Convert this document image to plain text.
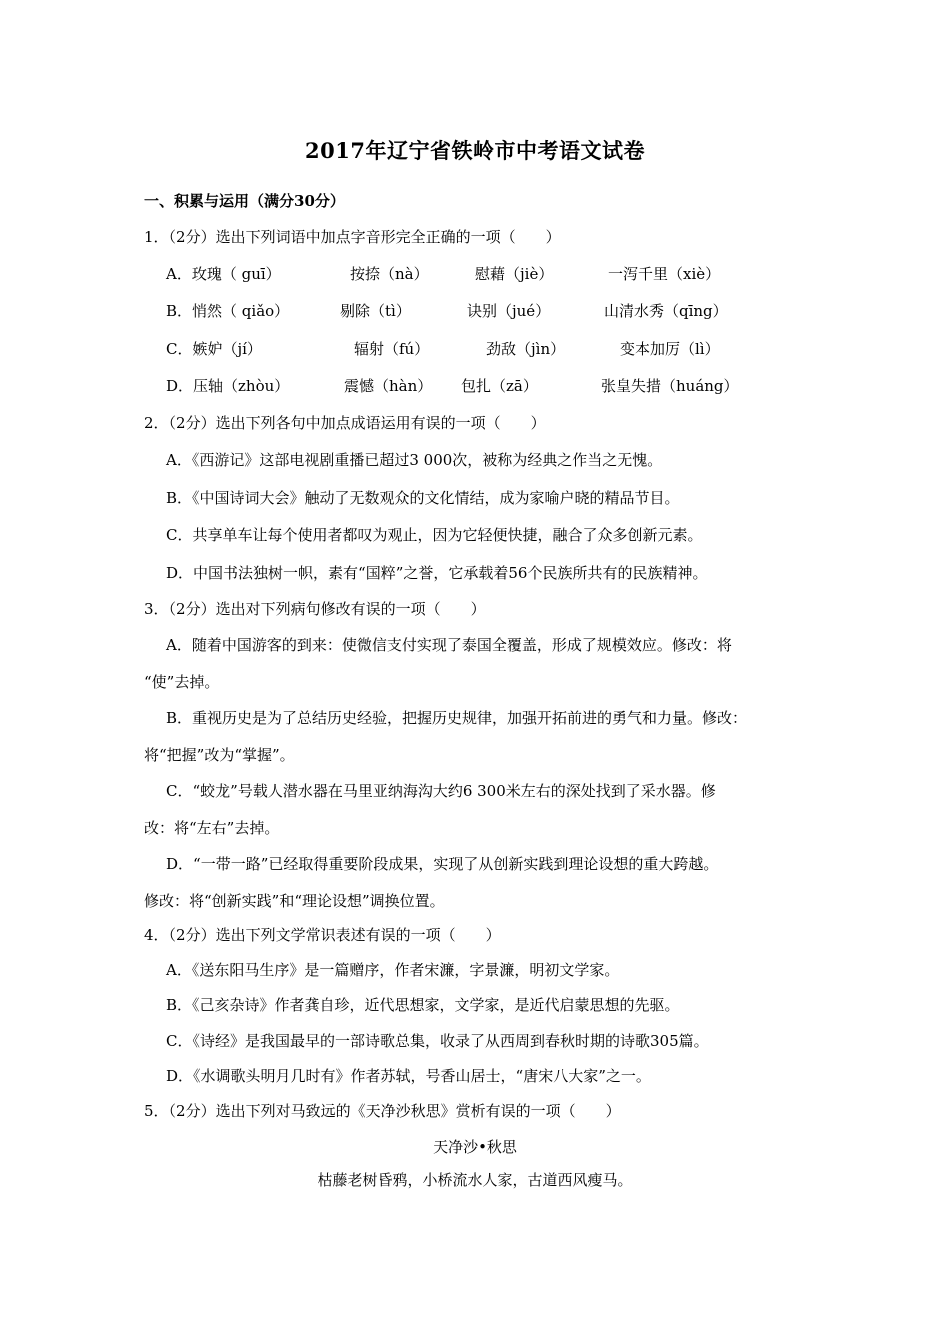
2017年辽宁省铁岭市中考语文试卷
一、积累与运用（满分30分）
1．（2分）选出下列词语中加点字音形完全正确的一项（　　）
A．玫瑰（ guī）	按捺（nà）	慰藉（jiè）	一泻千里（xiè）
B．悄然（ qiǎo）	剔除（tì）	诀别（jué）	山清水秀（qīng）
C．嫉妒（jí）	辐射（fú）	劲敌（jìn）	变本加厉（lì）
D．压轴（zhòu）	震憾（hàn） 包扎（zā）	张皇失措（huáng）
2．（2分）选出下列各句中加点成语运用有误的一项（　　）
A．《西游记》这部电视剧重播已超过3 000次，被称为经典之作当之无愧。
B．《中国诗词大会》触动了无数观众的文化情结，成为家喻户晓的精品节目。
C．共享单车让每个使用者都叹为观止，因为它轻便快捷，融合了众多创新元素。
D．中国书法独树一帜，素有“国粹”之誉，它承载着56个民族所共有的民族精神。
3．（2分）选出对下列病句修改有误的一项（　　）
A．随着中国游客的到来：使微信支付实现了泰国全覆盖，形成了规模效应。修改：将
“使”去掉。
B．重视历史是为了总结历史经验，把握历史规律，加强开拓前进的勇气和力量。修改：
将“把握”改为“掌握”。
C．“蛟龙”号载人潜水器在马里亚纳海沟大约6 300米左右的深处找到了采水器。修
改：将“左右”去掉。
D．“一带一路”已经取得重要阶段成果，实现了从创新实践到理论设想的重大跨越。
修改：将“创新实践”和“理论设想”调换位置。
4．（2分）选出下列文学常识表述有误的一项（　　）
A．《送东阳马生序》是一篇赠序，作者宋濂，字景濂，明初文学家。
B．《己亥杂诗》作者龚自珍，近代思想家，文学家，是近代启蒙思想的先驱。
C．《诗经》是我国最早的一部诗歌总集，收录了从西周到春秋时期的诗歌305篇。
D．《水调歌头明月几时有》作者苏轼，号香山居士，“唐宋八大家”之一。
5．（2分）选出下列对马致远的《天净沙秋思》赏析有误的一项（　　）
天净沙•秋思
枯藤老树昏鸦，小桥流水人家，古道西风瘦马。
